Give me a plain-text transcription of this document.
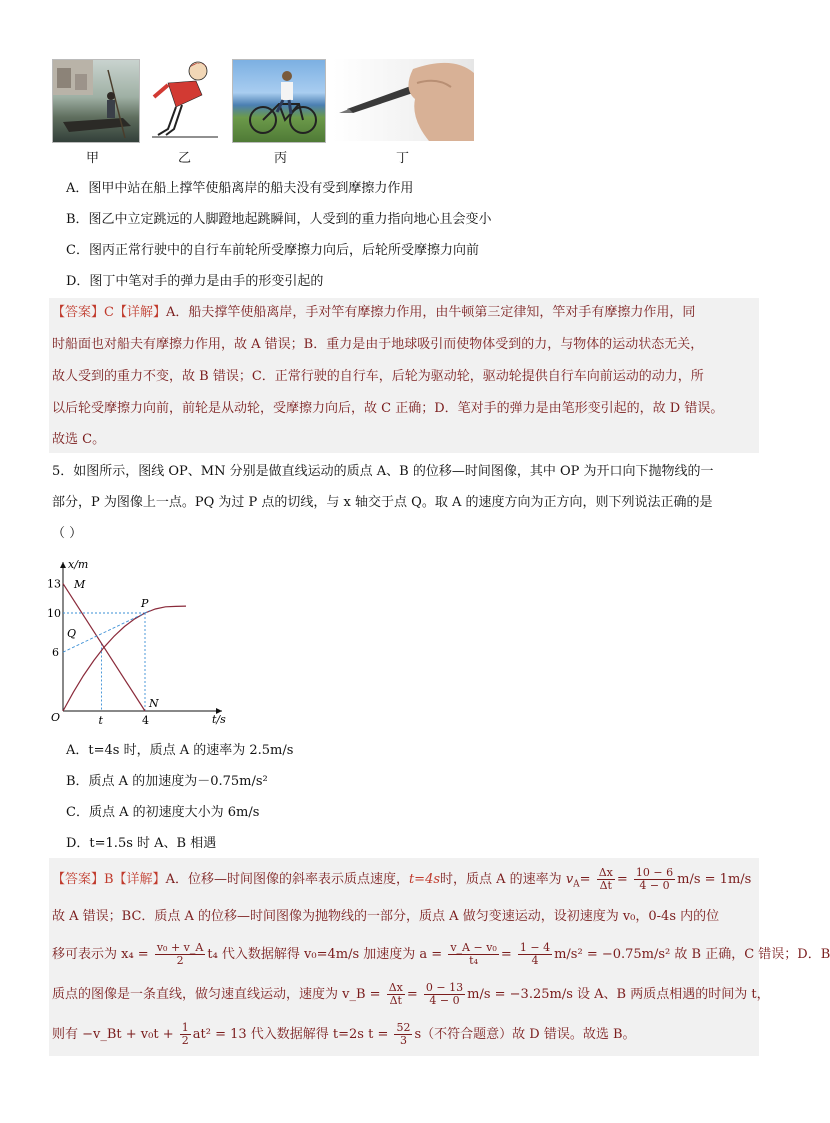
甲	乙	丙	丁
A．图甲中站在船上撑竿使船离岸的船夫没有受到摩擦力作用
B．图乙中立定跳远的人脚蹬地起跳瞬间，人受到的重力指向地心且会变小
C．图丙正常行驶中的自行车前轮所受摩擦力向后，后轮所受摩擦力向前
D．图丁中笔对手的弹力是由手的形变引起的
【答案】C【详解】A．船夫撑竿使船离岸，手对竿有摩擦力作用，由牛顿第三定律知，竿对手有摩擦力作用，同
时船面也对船夫有摩擦力作用，故 A 错误；B．重力是由于地球吸引而使物体受到的力，与物体的运动状态无关，
故人受到的重力不变，故 B 错误；C．正常行驶的自行车，后轮为驱动轮，驱动轮提供自行车向前运动的动力，所
以后轮受摩擦力向前，前轮是从动轮，受摩擦力向后，故 C 正确；D．笔对手的弹力是由笔形变引起的，故 D 错误。
故选 C。
5．如图所示，图线 OP、MN 分别是做直线运动的质点 A、B 的位移—时间图像，其中 OP 为开口向下抛物线的一
部分，P 为图像上一点。PQ 为过 P 点的切线，与 x 轴交于点 Q。取 A 的速度方向为正方向，则下列说法正确的是
（ ）
x/m
t/s
O
13
10
6
t	4
M
P
Q
N
A．t=4s 时，质点 A 的速率为 2.5m/s
B．质点 A 的加速度为－0.75m/s²
C．质点 A 的初速度大小为 6m/s
D．t=1.5s 时 A、B 相遇
【答案】B【详解】A．位移—时间图像的斜率表示质点速度，t=4s时，质点 A 的速率为 $v_A= \frac{\Delta x}{\Delta t} = \frac{10 - 6}{4 - 0} m/s = 1m/s$
故 A 错误；BC．质点 A 的位移—时间图像为抛物线的一部分，质点 A 做匀变速运动，设初速度为 v₀，0-4s 内的位
移可表示为 $x_4 = \frac{\text{v₀ + v\_A}}{2} t_4$ 代入数据解得 v₀=4m/s 加速度为 $a = \frac{\text{v\_A − v₀}}{\text{t₄}} = \frac{1 - 4}{4} m/s^2 = -0.75m/s^2$ 故 B 正确，C 错误；D．B
质点的图像是一条直线，做匀速直线运动，速度为 v_B = $\frac{\Delta x}{\Delta t} = \frac{0 - 13}{4 - 0} m/s = -3.25m/s$ 设 A、B 两质点相遇的时间为 t，
则有 −v_Bt + $v_0t + \frac{1}{2} at^2 = 13$ 代入数据解得 t=2s $t = \frac{52}{3} s$（不符合题意）故 D 错误。故选 B。
